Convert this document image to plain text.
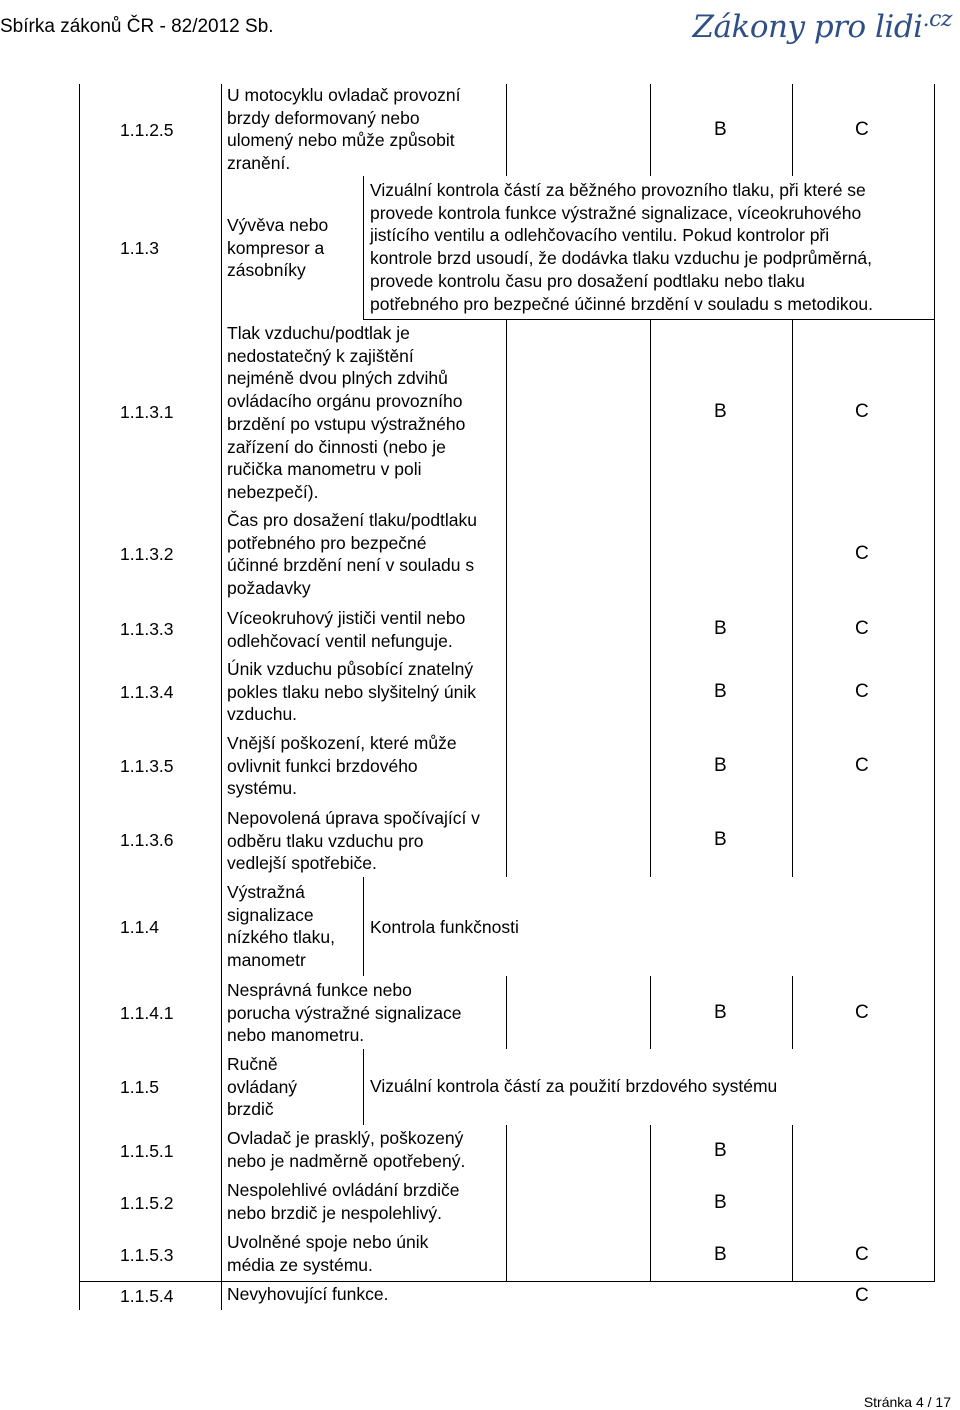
Sbírka zákonů ČR - 82/2012 Sb.	Zákony pro lidi$^{.cz}$
1.1.2.5
U motocyklu ovladač provozní
brzdy deformovaný nebo
ulomený nebo může způsobit
zranění.
B	C
1.1.3
Vývěva nebo
kompresor a
zásobníky
Vizuální kontrola částí za běžného provozního tlaku, při které se
provede kontrola funkce výstražné signalizace, víceokruhového
jistícího ventilu a odlehčovacího ventilu. Pokud kontrolor při
kontrole brzd usoudí, že dodávka tlaku vzduchu je podprůměrná,
provede kontrolu času pro dosažení podtlaku nebo tlaku
potřebného pro bezpečné účinné brzdění v souladu s metodikou.
1.1.3.1
Tlak vzduchu/podtlak je
nedostatečný k zajištění
nejméně dvou plných zdvihů
ovládacího orgánu provozního
brzdění po vstupu výstražného
zařízení do činnosti (nebo je
ručička manometru v poli
nebezpečí).
B	C
1.1.3.2
Čas pro dosažení tlaku/podtlaku
potřebného pro bezpečné
účinné brzdění není v souladu s
požadavky
C
1.1.3.3
Víceokruhový jističi ventil nebo
odlehčovací ventil nefunguje.
B	C
1.1.3.4
Únik vzduchu působící znatelný
pokles tlaku nebo slyšitelný únik
vzduchu.
B	C
1.1.3.5
Vnější poškození, které může
ovlivnit funkci brzdového
systému.
B	C
1.1.3.6
Nepovolená úprava spočívající v
odběru tlaku vzduchu pro
vedlejší spotřebiče.
B
1.1.4
Výstražná
signalizace
nízkého tlaku,
manometr
Kontrola funkčnosti
1.1.4.1
Nesprávná funkce nebo
porucha výstražné signalizace
nebo manometru.
B	C
1.1.5
Ručně
ovládaný
brzdič
Vizuální kontrola částí za použití brzdového systému
1.1.5.1
Ovladač je prasklý, poškozený
nebo je nadměrně opotřebený.	B
1.1.5.2
Nespolehlivé ovládání brzdiče
nebo brzdič je nespolehlivý.	B
1.1.5.3
Uvolněné spoje nebo únik
média ze systému.	B	C
1.1.5.4	Nevyhovující funkce.	C
Stránka 4 / 17
